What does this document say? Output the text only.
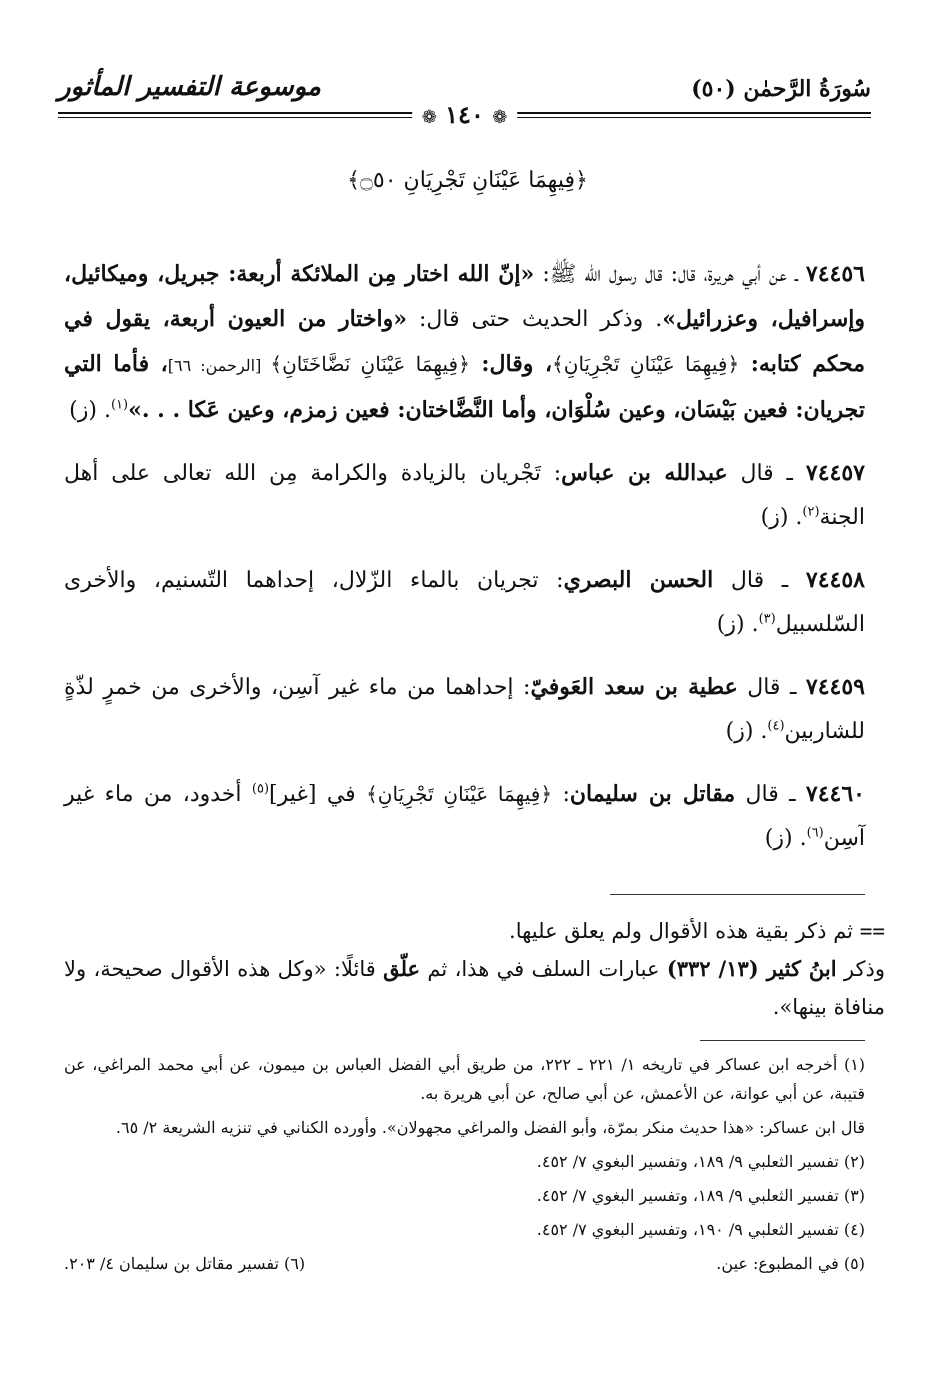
سُورَةُ الرَّحمٰن (٥٠)
موسوعة التفسير المأثور
❁ ١٤٠ ❁
﴿فِيهِمَا عَيْنَانِ تَجْرِيَانِ ۝٥٠﴾

٧٤٤٥٦ ـ عن أبي هريرة، قال: قال رسول الله ﷺ: «إنّ الله اختار مِن الملائكة أربعة: جبريل، وميكائيل، وإسرافيل، وعزرائيل». وذكر الحديث حتى قال: «واختار من العيون أربعة، يقول في محكم كتابه: ﴿فِيهِمَا عَيْنَانِ تَجْرِيَانِ﴾، وقال: ﴿فِيهِمَا عَيْنَانِ نَضَّاخَتَانِ﴾ [الرحمن: ٦٦]، فأما التي تجريان: فعين بَيْسَان، وعين سُلْوَان، وأما النَّضَّاختان: فعين زمزم، وعين عَكا . . .»$^{(١)}$. (ز)

٧٤٤٥٧ ـ قال عبدالله بن عباس: تَجْريان بالزيادة والكرامة مِن الله تعالى على أهل الجنة$^{(٢)}$. (ز)

٧٤٤٥٨ ـ قال الحسن البصري: تجريان بالماء الزّلال، إحداهما التّسنيم، والأخرى السّلسبيل$^{(٣)}$. (ز)

٧٤٤٥٩ ـ قال عطية بن سعد العَوفيّ: إحداهما من ماء غير آسِن، والأخرى من خمرٍ لذّةٍ للشاربين$^{(٤)}$. (ز)

٧٤٤٦٠ ـ قال مقاتل بن سليمان: ﴿فِيهِمَا عَيْنَانِ تَجْرِيَانِ﴾ في [غير]$^{(٥)}$ أخدود، من ماء غير آسِن$^{(٦)}$. (ز)

== ثم ذكر بقية هذه الأقوال ولم يعلق عليها.
وذكر ابنُ كثير (١٣/ ٣٣٢) عبارات السلف في هذا، ثم علّق قائلًا: «وكل هذه الأقوال صحيحة، ولا منافاة بينها».

(١) أخرجه ابن عساكر في تاريخه ١/ ٢٢١ ـ ٢٢٢، من طريق أبي الفضل العباس بن ميمون، عن أبي محمد المراغي، عن قتيبة، عن أبي عوانة، عن الأعمش، عن أبي صالح، عن أبي هريرة به.

قال ابن عساكر: «هذا حديث منكر بمرّة، وأبو الفضل والمراغي مجهولان». وأورده الكناني في تنزيه الشريعة ٢/ ٦٥.

(٢) تفسير الثعلبي ٩/ ١٨٩، وتفسير البغوي ٧/ ٤٥٢.

(٣) تفسير الثعلبي ٩/ ١٨٩، وتفسير البغوي ٧/ ٤٥٢.

(٤) تفسير الثعلبي ٩/ ١٩٠، وتفسير البغوي ٧/ ٤٥٢.

(٥) في المطبوع: عين.
(٦) تفسير مقاتل بن سليمان ٤/ ٢٠٣.
